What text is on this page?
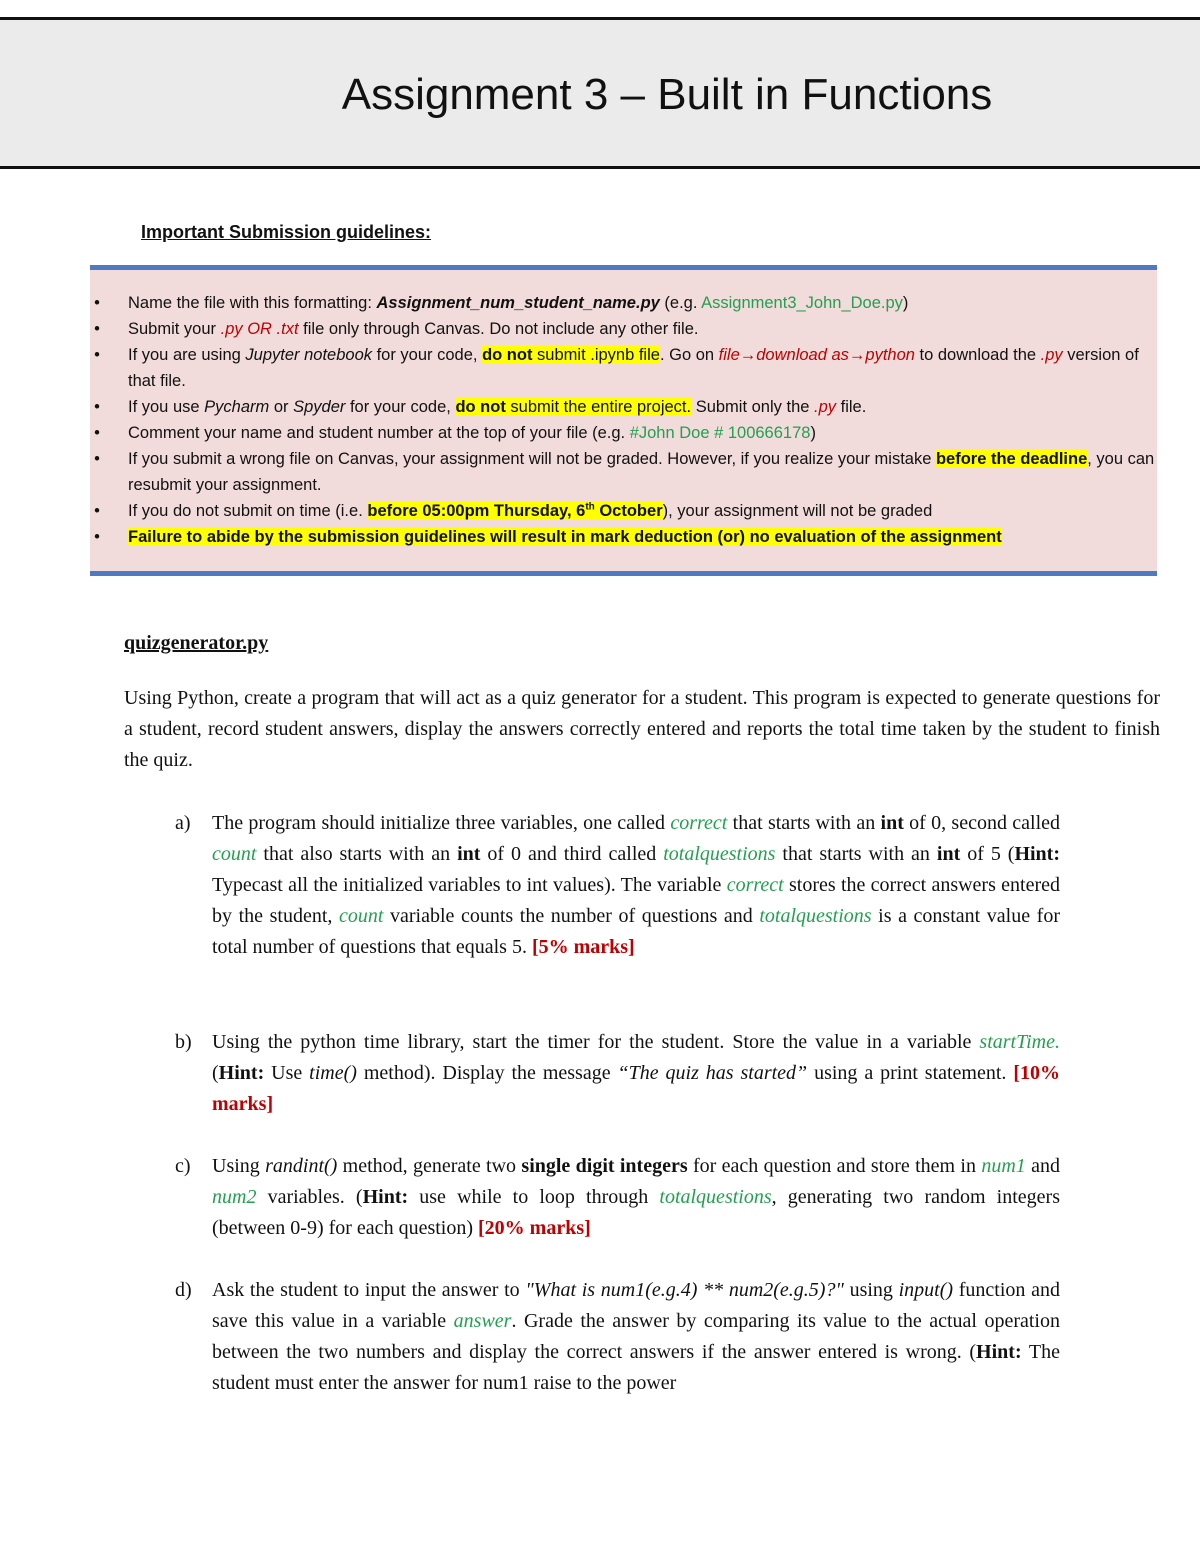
Assignment 3 – Built in Functions
Important Submission guidelines:
• Name the file with this formatting: Assignment_num_student_name.py (e.g. Assignment3_John_Doe.py)
• Submit your .py OR .txt file only through Canvas. Do not include any other file.
• If you are using Jupyter notebook for your code, do not submit .ipynb file. Go on file→download as→python to download the .py version of that file.
• If you use Pycharm or Spyder for your code, do not submit the entire project. Submit only the .py file.
• Comment your name and student number at the top of your file (e.g. #John Doe # 100666178)
• If you submit a wrong file on Canvas, your assignment will not be graded. However, if you realize your mistake before the deadline, you can resubmit your assignment.
• If you do not submit on time (i.e. before 05:00pm Thursday, 6th October), your assignment will not be graded
• Failure to abide by the submission guidelines will result in mark deduction (or) no evaluation of the assignment
quizgenerator.py
Using Python, create a program that will act as a quiz generator for a student. This program is expected to generate questions for a student, record student answers, display the answers correctly entered and reports the total time taken by the student to finish the quiz.
a) The program should initialize three variables, one called correct that starts with an int of 0, second called count that also starts with an int of 0 and third called totalquestions that starts with an int of 5 (Hint: Typecast all the initialized variables to int values). The variable correct stores the correct answers entered by the student, count variable counts the number of questions and totalquestions is a constant value for total number of questions that equals 5. [5% marks]
b) Using the python time library, start the timer for the student. Store the value in a variable startTime. (Hint: Use time() method). Display the message “The quiz has started” using a print statement. [10% marks]
c) Using randint() method, generate two single digit integers for each question and store them in num1 and num2 variables. (Hint: use while to loop through totalquestions, generating two random integers (between 0-9) for each question) [20% marks]
d) Ask the student to input the answer to "What is num1(e.g.4) ** num2(e.g.5)?" using input() function and save this value in a variable answer. Grade the answer by comparing its value to the actual operation between the two numbers and display the correct answers if the answer entered is wrong. (Hint: The student must enter the answer for num1 raise to the power
